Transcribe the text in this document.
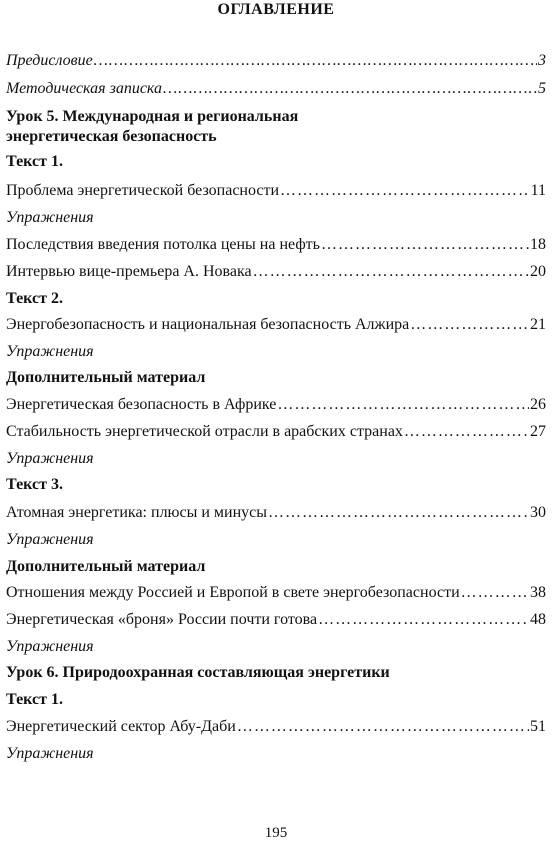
ОГЛАВЛЕНИЕ
Предисловие ……………………………………………………………………………………………………………………………………………………	3
Методическая записка ……………………………………………………………………………………………………………………………………………………	5
Урок 5. Международная и региональная
энергетическая безопасность
Текст 1.
Проблема энергетической безопасности ……………………………………………………………………………………………………………………………………………………	11
Упражнения
Последствия введения потолка цены на нефть ……………………………………………………………………………………………………………………………………………………	18
Интервью вице-премьера А. Новака ……………………………………………………………………………………………………………………………………………………	20
Текст 2.
Энергобезопасность и национальная безопасность Алжира ……………………………………………………………………………………………………………………………………………………	21
Упражнения
Дополнительный материал
Энергетическая безопасность в Африке ……………………………………………………………………………………………………………………………………………………	26
Стабильность энергетической отрасли в арабских странах ……………………………………………………………………………………………………………………………………………………	27
Упражнения
Текст 3.
Атомная энергетика: плюсы и минусы ……………………………………………………………………………………………………………………………………………………	30
Упражнения
Дополнительный материал
Отношения между Россией и Европой в свете энергобезопасности ……………………………………………………………………………………………………………………………………………………	38
Энергетическая «броня» России почти готова ……………………………………………………………………………………………………………………………………………………	48
Упражнения
Урок 6. Природоохранная составляющая энергетики
Текст 1.
Энергетический сектор Абу-Даби ……………………………………………………………………………………………………………………………………………………	51
Упражнения
195
